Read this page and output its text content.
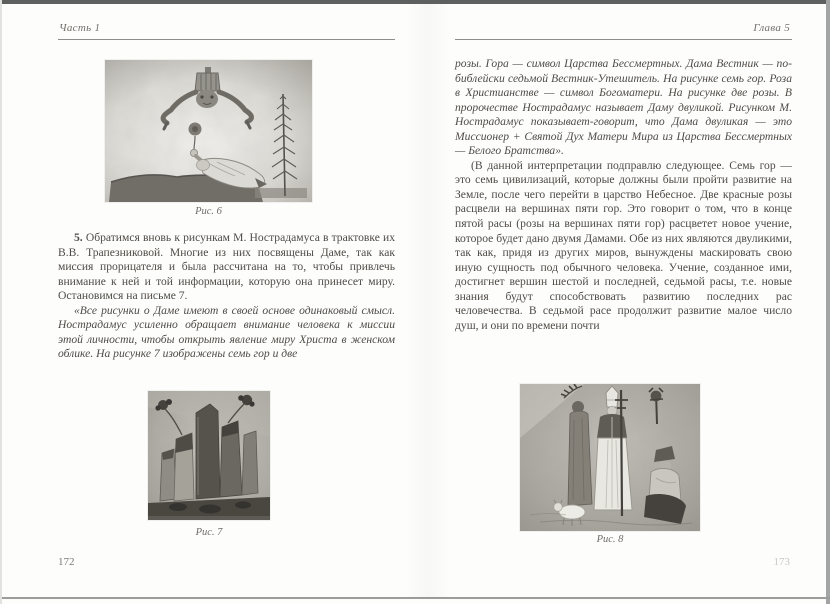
Часть 1
Рис. 6

5. Обратимся вновь к рисункам М. Нострадамуса в трактовке их В.В. Трапезниковой. Многие из них посвящены Даме, так как миссия прорицателя и была рассчитана на то, чтобы привлечь внимание к ней и той информации, которую она принесет миру. Остановимся на письме 7.

«Все рисунки о Даме имеют в своей основе одинаковый смысл. Нострадамус усиленно обращает внимание человека к миссии этой личности, чтобы открыть явление миру Христа в женском облике. На рисунке 7 изображены семь гор и две

Рис. 7
172
Глава 5

розы. Гора — символ Царства Бессмертных. Дама Вестник — по-библейски седьмой Вестник-Утешитель. На рисунке семь гор. Роза в Христианстве — символ Богоматери. На рисунке две розы. В пророчестве Нострадамус называет Даму двуликой. Рисунком М. Нострадамус показывает-говорит, что Дама двуликая — это Миссионер + Святой Дух Матери Мира из Царства Бессмертных — Белого Братства».

(В данной интерпретации подправлю следующее. Семь гор — это семь цивилизаций, которые должны были пройти развитие на Земле, после чего перейти в царство Небесное. Две красные розы расцвели на вершинах пяти гор. Это говорит о том, что в конце пятой расы (розы на вершинах пяти гор) расцветет новое учение, которое будет дано двумя Дамами. Обе из них являются двуликими, так как, придя из других миров, вынуждены маскировать свою иную сущность под обычного человека. Учение, созданное ими, достигнет вершин шестой и последней, седьмой расы, т.е. новые знания будут способствовать развитию последних рас человечества. В седьмой расе продолжит развитие малое число душ, и они по времени почти

Рис. 8
173
